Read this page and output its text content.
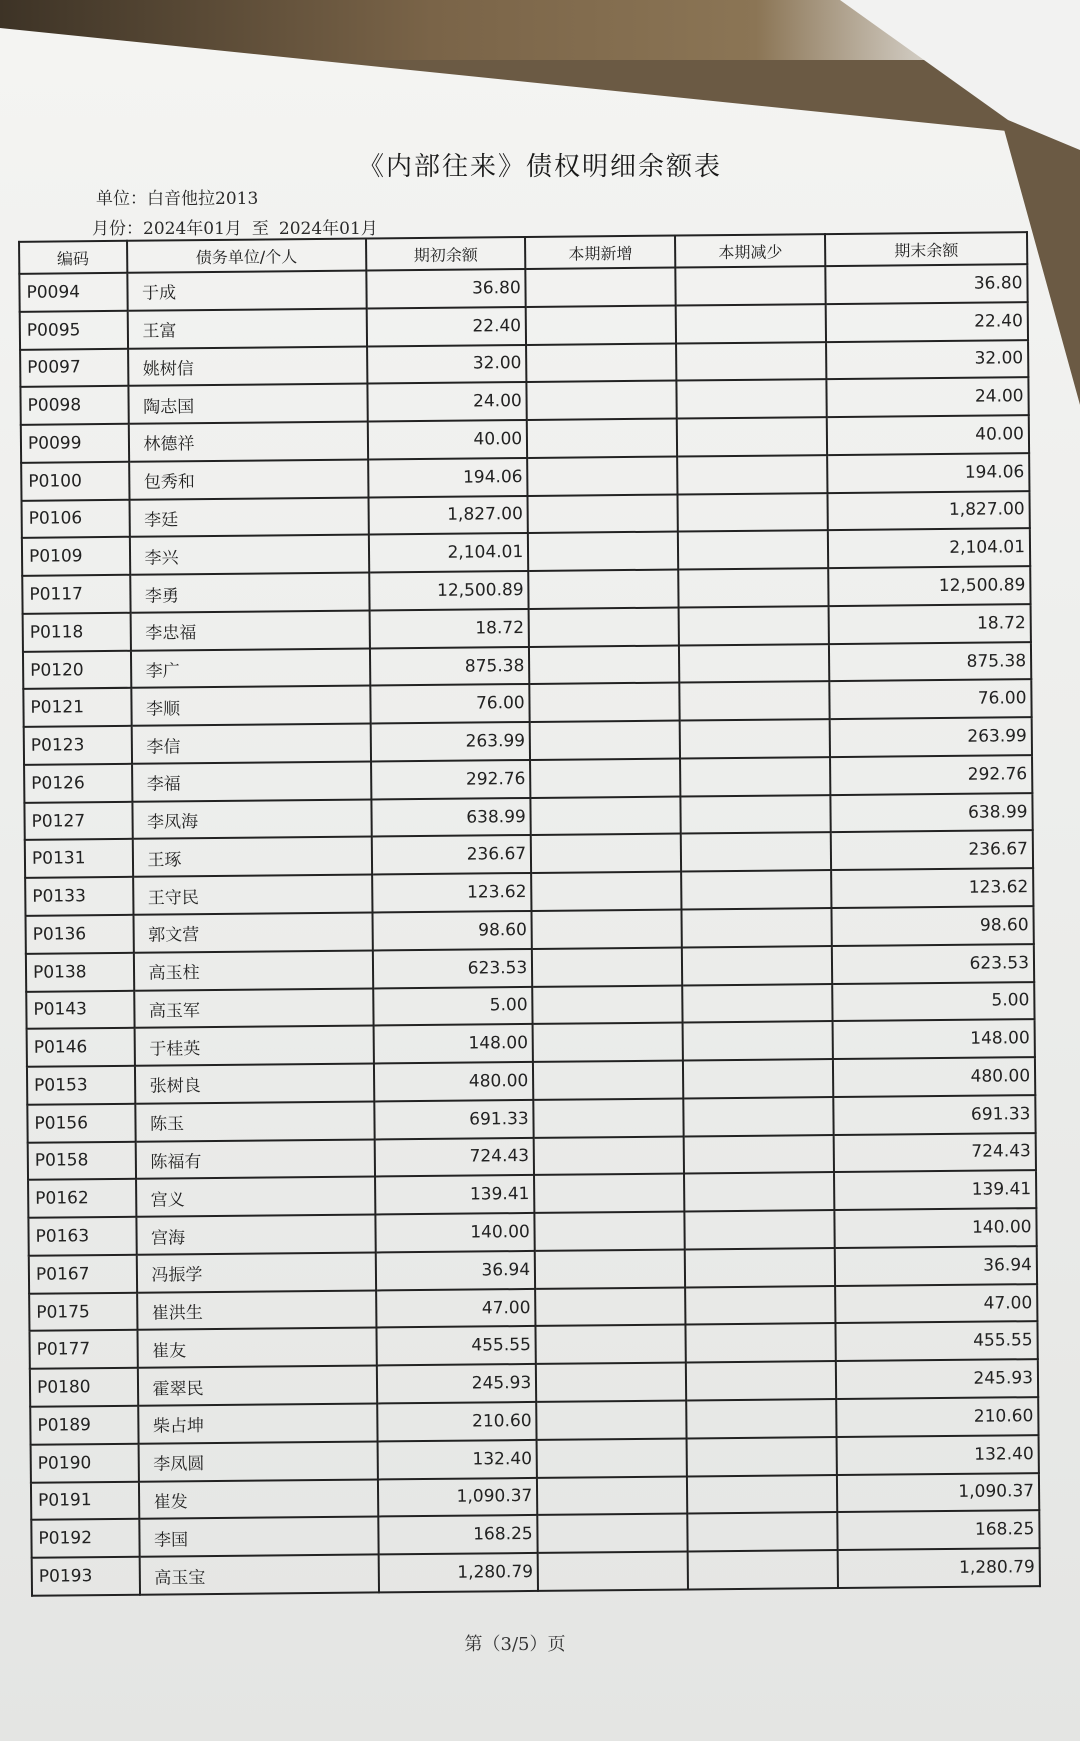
《内部往来》债权明细余额表
单位：白音他拉2013
月份：2024年01月 至 2024年01月
编码	债务单位/个人	期初余额	本期新增	本期减少	期末余额
P0094	于成	36.80			36.80
P0095	王富	22.40			22.40
P0097	姚树信	32.00			32.00
P0098	陶志国	24.00			24.00
P0099	林德祥	40.00			40.00
P0100	包秀和	194.06			194.06
P0106	李廷	1,827.00			1,827.00
P0109	李兴	2,104.01			2,104.01
P0117	李勇	12,500.89			12,500.89
P0118	李忠福	18.72			18.72
P0120	李广	875.38			875.38
P0121	李顺	76.00			76.00
P0123	李信	263.99			263.99
P0126	李福	292.76			292.76
P0127	李凤海	638.99			638.99
P0131	王琢	236.67			236.67
P0133	王守民	123.62			123.62
P0136	郭文营	98.60			98.60
P0138	高玉柱	623.53			623.53
P0143	高玉军	5.00			5.00
P0146	于桂英	148.00			148.00
P0153	张树良	480.00			480.00
P0156	陈玉	691.33			691.33
P0158	陈福有	724.43			724.43
P0162	宫义	139.41			139.41
P0163	宫海	140.00			140.00
P0167	冯振学	36.94			36.94
P0175	崔洪生	47.00			47.00
P0177	崔友	455.55			455.55
P0180	霍翠民	245.93			245.93
P0189	柴占坤	210.60			210.60
P0190	李凤圆	132.40			132.40
P0191	崔发	1,090.37			1,090.37
P0192	李国	168.25			168.25
P0193	高玉宝	1,280.79			1,280.79
第（3/5）页
